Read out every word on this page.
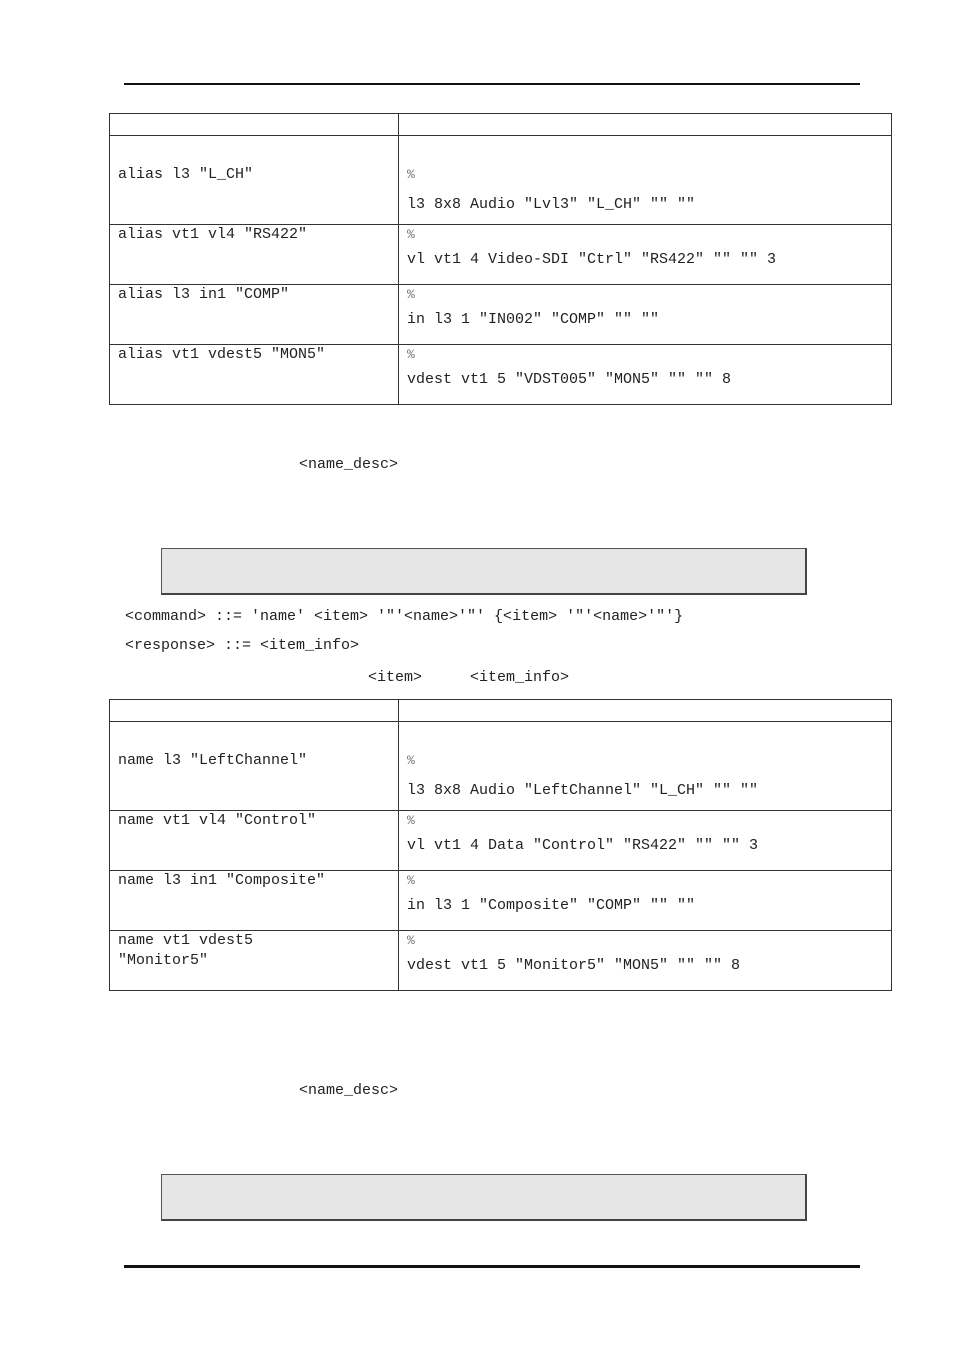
alias l3 "L_CH"	%
l3 8x8 Audio "Lvl3" "L_CH" "" ""

alias vt1 vl4 "RS422"	%
vl vt1 4 Video-SDI "Ctrl" "RS422" "" "" 3

alias l3 in1 "COMP"	%
in l3 1 "IN002" "COMP" "" ""

alias vt1 vdest5 "MON5"	%
vdest vt1 5 "VDST005" "MON5" "" "" 8
<name_desc>
<command> ::= 'name' <item> '"'<name>'"' {<item> '"'<name>'"'}
<response> ::= <item_info>
<item>	<item_info>

name l3 "LeftChannel"	%
l3 8x8 Audio "LeftChannel" "L_CH" "" ""

name vt1 vl4 "Control"	%
vl vt1 4 Data "Control" "RS422" "" "" 3

name l3 in1 "Composite"	%
in l3 1 "Composite" "COMP" "" ""

name vt1 vdest5
"Monitor5"	%
vdest vt1 5 "Monitor5" "MON5" "" "" 8
<name_desc>
